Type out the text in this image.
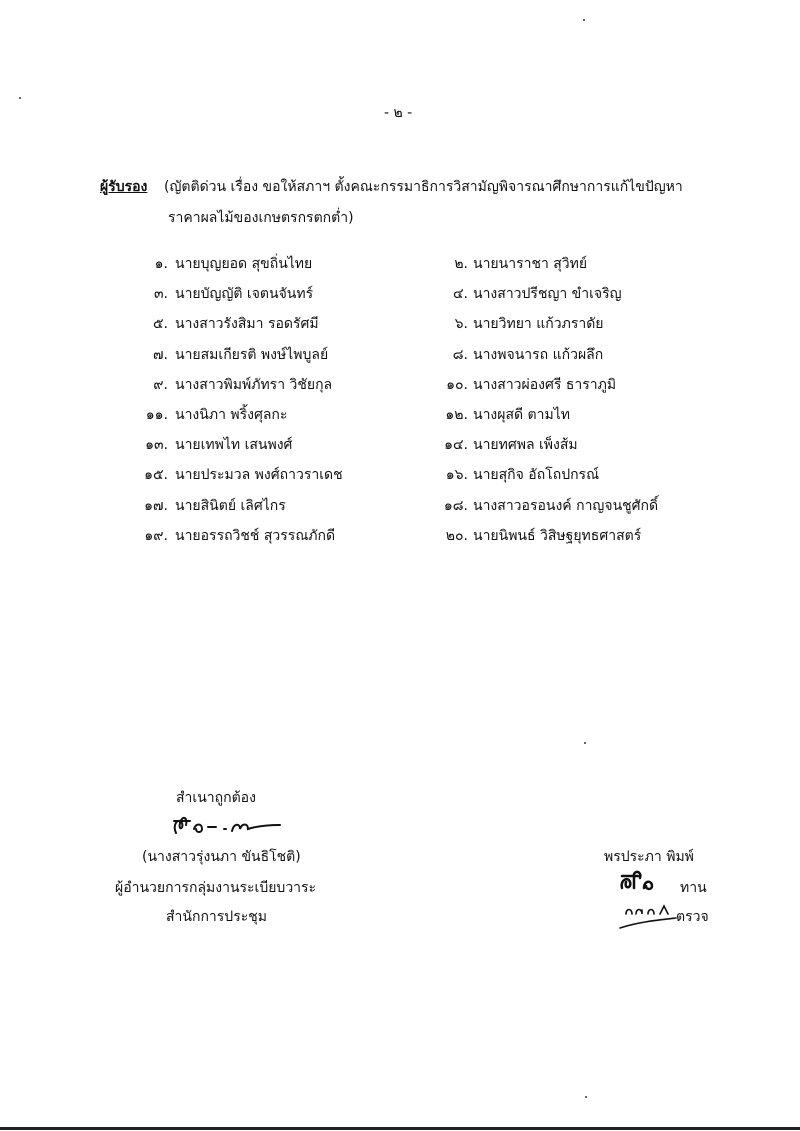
- ๒ -
ผู้รับรอง (ญัตติด่วน เรื่อง ขอให้สภาฯ ตั้งคณะกรรมาธิการวิสามัญพิจารณาศึกษาการแก้ไขปัญหา
ราคาผลไม้ของเกษตรกรตกต่ำ)
๑. นายบุญยอด สุขถิ่นไทย	๒. นายนาราชา สุวิทย์
๓. นายบัญญัติ เจตนจันทร์	๔. นางสาวปรีชญา ขำเจริญ
๕. นางสาวรังสิมา รอดรัศมี	๖. นายวิทยา แก้วภราดัย
๗. นายสมเกียรติ พงษ์ไพบูลย์	๘. นางพจนารถ แก้วผลึก
๙. นางสาวพิมพ์ภัทรา วิชัยกุล	๑๐. นางสาวผ่องศรี ธาราภูมิ
๑๑. นางนิภา พริ้งศุลกะ	๑๒. นางผุสดี ตามไท
๑๓. นายเทพไท เสนพงศ์	๑๔. นายทศพล เพ็งส้ม
๑๕. นายประมวล พงศ์ถาวราเดช	๑๖. นายสุกิจ อัถโถปกรณ์
๑๗. นายสินิตย์ เลิศไกร	๑๘. นางสาวอรอนงค์ กาญจนชูศักดิ์
๑๙. นายอรรถวิชช์ สุวรรณภักดี	๒๐. นายนิพนธ์ วิสิษฐยุทธศาสตร์
สำเนาถูกต้อง
(นางสาวรุ่งนภา ขันธิโชติ)
ผู้อำนวยการกลุ่มงานระเบียบวาระ
สำนักการประชุม
พรประภา พิมพ์
ทาน
ตรวจ
